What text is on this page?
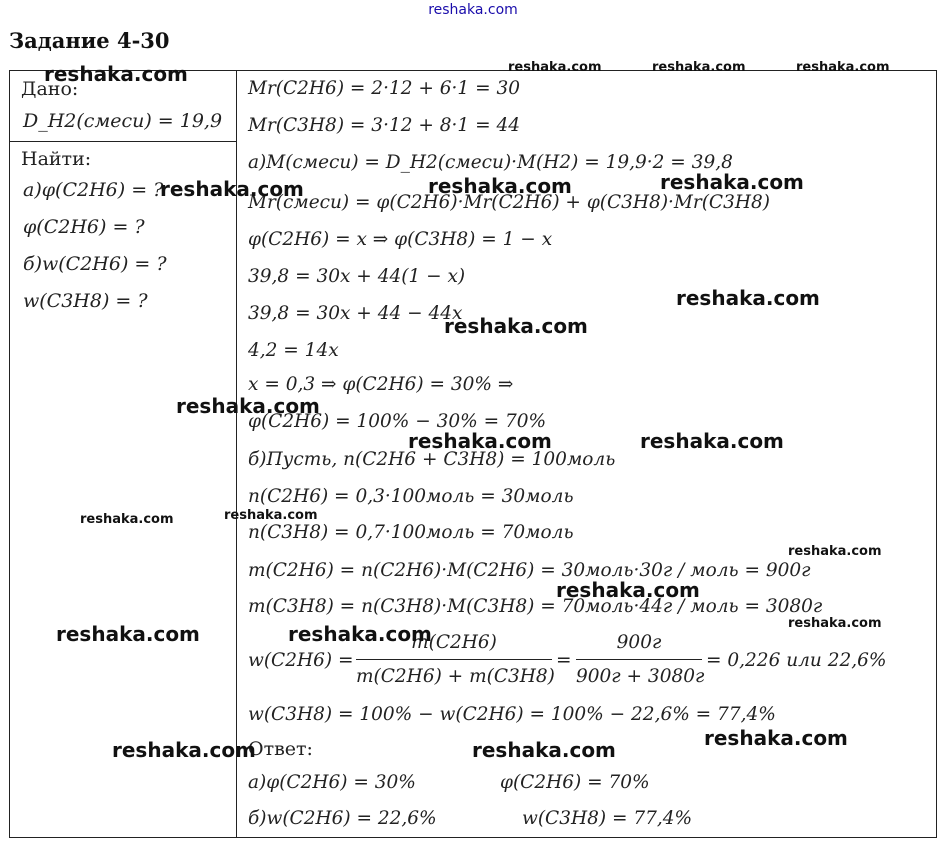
reshaka.com
Задание 4-30
Дано:
D_H2(смеси) = 19,9
Найти:
а)φ(C2H6) = ?
φ(C2H6) = ?
б)w(C2H6) = ?
w(C3H8) = ?
Mr(C2H6) = 2·12 + 6·1 = 30
Mr(C3H8) = 3·12 + 8·1 = 44
а)M(смеси) = D_H2(смеси)·M(H2) = 19,9·2 = 39,8
Mr(смеси) = φ(C2H6)·Mr(C2H6) + φ(C3H8)·Mr(C3H8)
φ(C2H6) = x ⇒ φ(C3H8) = 1 − x
39,8 = 30x + 44(1 − x)
39,8 = 30x + 44 − 44x
4,2 = 14x
x = 0,3 ⇒ φ(C2H6) = 30% ⇒
φ(C2H6) = 100% − 30% = 70%
б)Пусть, n(C2H6 + C3H8) = 100моль
n(C2H6) = 0,3·100моль = 30моль
n(C3H8) = 0,7·100моль = 70моль
m(C2H6) = n(C2H6)·M(C2H6) = 30моль·30г / моль = 900г
m(C3H8) = n(C3H8)·M(C3H8) = 70моль·44г / моль = 3080г
w(C2H6) =
m(C2H6)
m(C2H6) + m(C3H8)
=
900г
900г + 3080г
= 0,226 или 22,6%
w(C3H8) = 100% − w(C2H6) = 100% − 22,6% = 77,4%
Ответ:
а)φ(C2H6) = 30%	φ(C2H6) = 70%
б)w(C2H6) = 22,6%	w(C3H8) = 77,4%
reshaka.com	reshaka.com	reshaka.com	reshaka.com
reshaka.com	reshaka.com	reshaka.com
reshaka.com
reshaka.com
reshaka.com
reshaka.com	reshaka.com
reshaka.com	reshaka.com
reshaka.com
reshaka.com
reshaka.com
reshaka.com	reshaka.com
reshaka.com	reshaka.com	reshaka.com
